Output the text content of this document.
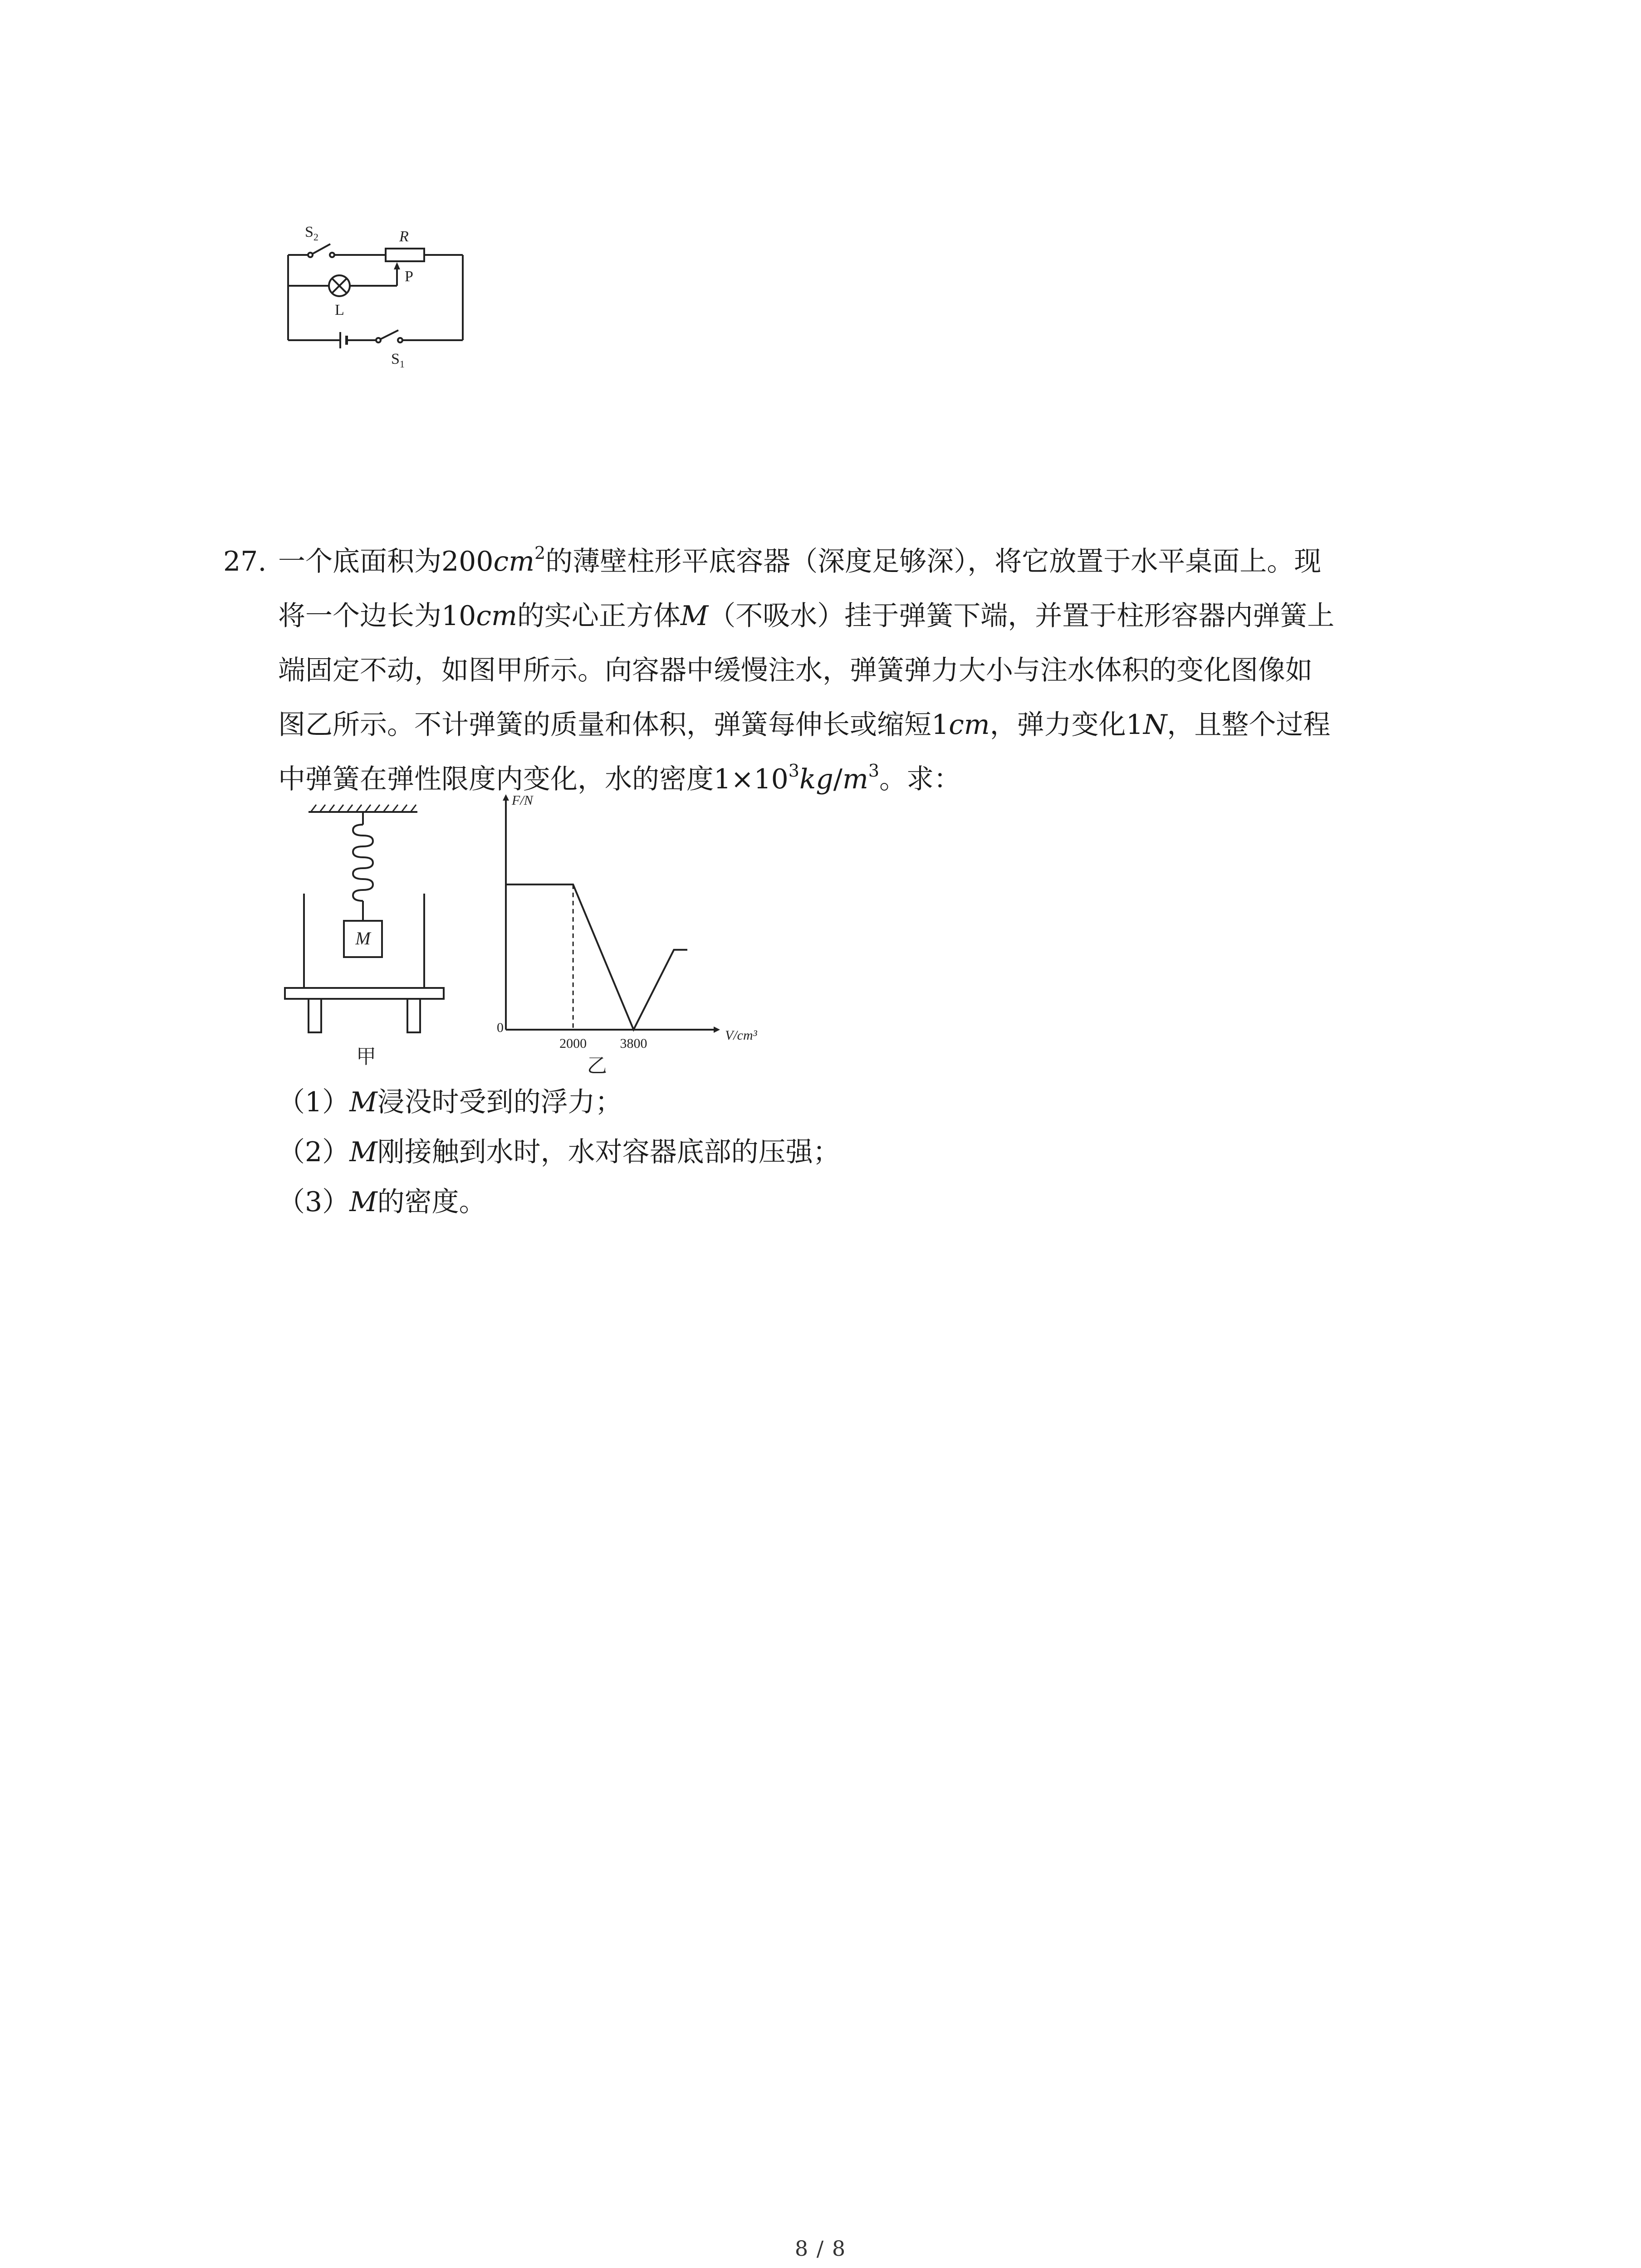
$S_2$	R
P
L
$S_1$
27. 一个底面积为$200cm^2$的薄壁柱形平底容器（深度足够深），将它放置于水平桌面上。现
将一个边长为10cm的实心正方体M（不吸水）挂于弹簧下端，并置于柱形容器内弹簧上
端固定不动，如图甲所示。向容器中缓慢注水，弹簧弹力大小与注水体积的变化图像如
图乙所示。不计弹簧的质量和体积，弹簧每伸长或缩短1cm，弹力变化1N，且整个过程
中弹簧在弹性限度内变化，水的密度$1\times 10^3kg/m^3$。求：
M
甲
F/N
V/cm³
0
2000 3800
乙
（1）M浸没时受到的浮力；
（2）M刚接触到水时，水对容器底部的压强；
（3）M的密度。
8 / 8
